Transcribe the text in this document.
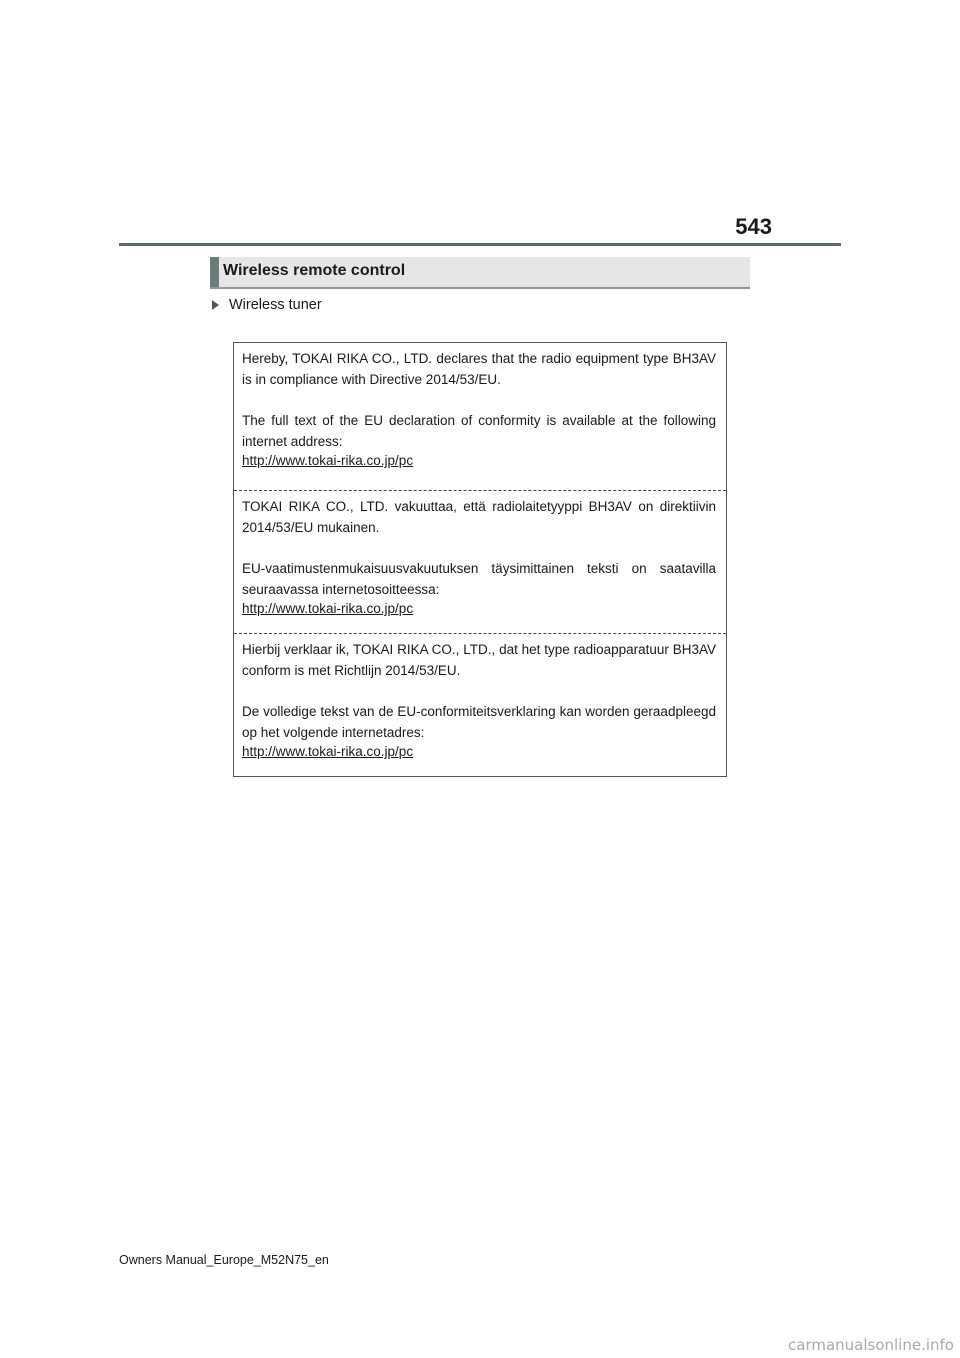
543
Wireless remote control
Wireless tuner

Hereby, TOKAI RIKA CO., LTD. declares that the radio equipment type BH3AV is in compliance with Directive 2014/53/EU.

The full text of the EU declaration of conformity is available at the following internet address:

http://www.tokai-rika.co.jp/pc

TOKAI RIKA CO., LTD. vakuuttaa, että radiolaitetyyppi BH3AV on direktiivin 2014/53/EU mukainen.

EU-vaatimustenmukaisuusvakuutuksen täysimittainen teksti on saatavilla seuraavassa internetosoitteessa:

http://www.tokai-rika.co.jp/pc

Hierbij verklaar ik, TOKAI RIKA CO., LTD., dat het type radioapparatuur BH3AV conform is met Richtlijn 2014/53/EU.

De volledige tekst van de EU-conformiteitsverklaring kan worden geraadpleegd op het volgende internetadres:

http://www.tokai-rika.co.jp/pc
Owners Manual_Europe_M52N75_en
carmanualsonline.info
